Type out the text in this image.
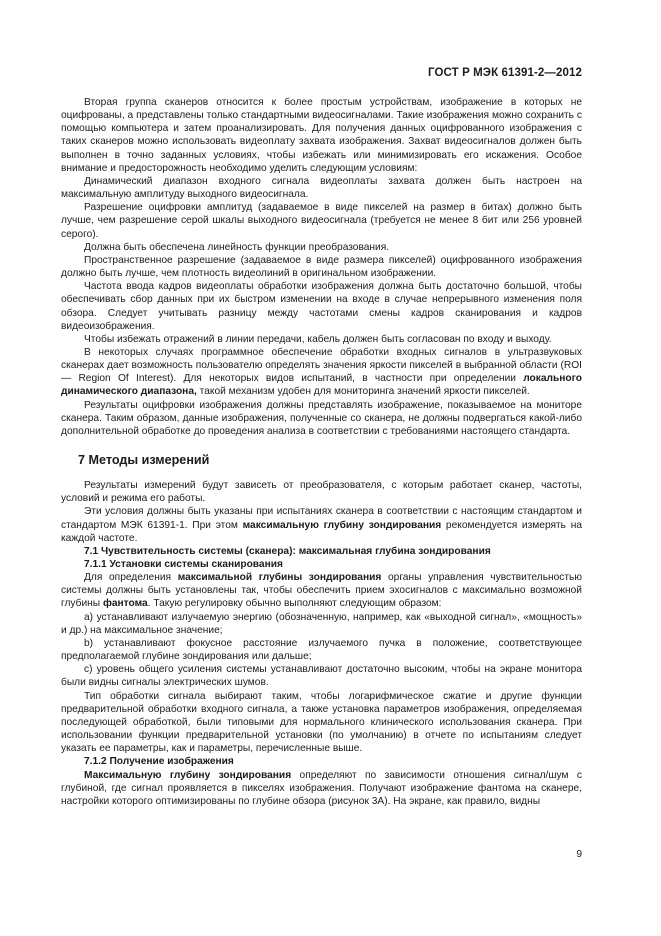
ГОСТ Р МЭК 61391-2—2012

Вторая группа сканеров относится к более простым устройствам, изображение в которых не оцифрованы, а представлены только стандартными видеосигналами. Такие изображения можно сохранить с помощью компьютера и затем проанализировать. Для получения данных оцифрованного изображения с таких сканеров можно использовать видеоплату захвата изображения. Захват видеосигналов должен быть выполнен в точно заданных условиях, чтобы избежать или минимизировать его искажения. Особое внимание и предосторожность необходимо уделить следующим условиям:

Динамический диапазон входного сигнала видеоплаты захвата должен быть настроен на максимальную амплитуду выходного видеосигнала.

Разрешение оцифровки амплитуд (задаваемое в виде пикселей на размер в битах) должно быть лучше, чем разрешение серой шкалы выходного видеосигнала (требуется не менее 8 бит или 256 уровней серого).

Должна быть обеспечена линейность функции преобразования.

Пространственное разрешение (задаваемое в виде размера пикселей) оцифрованного изображения должно быть лучше, чем плотность видеолиний в оригинальном изображении.

Частота ввода кадров видеоплаты обработки изображения должна быть достаточно большой, чтобы обеспечивать сбор данных при их быстром изменении на входе в случае непрерывного изменения поля обзора. Следует учитывать разницу между частотами смены кадров сканирования и кадров видеоизображения.

Чтобы избежать отражений в линии передачи, кабель должен быть согласован по входу и выходу.

В некоторых случаях программное обеспечение обработки входных сигналов в ультразвуковых сканерах дает возможность пользователю определять значения яркости пикселей в выбранной области (ROI — Region Of Interest). Для некоторых видов испытаний, в частности при определении локального динамического диапазона, такой механизм удобен для мониторинга значений яркости пикселей.

Результаты оцифровки изображения должны представлять изображение, показываемое на мониторе сканера. Таким образом, данные изображения, полученные со сканера, не должны подвергаться какой-либо дополнительной обработке до проведения анализа в соответствии с требованиями настоящего стандарта.

7 Методы измерений

Результаты измерений будут зависеть от преобразователя, с которым работает сканер, частоты, условий и режима его работы.

Эти условия должны быть указаны при испытаниях сканера в соответствии с настоящим стандартом и стандартом МЭК 61391-1. При этом максимальную глубину зондирования рекомендуется измерять на каждой частоте.

7.1 Чувствительность системы (сканера): максимальная глубина зондирования

7.1.1 Установки системы сканирования

Для определения максимальной глубины зондирования органы управления чувствительностью системы должны быть установлены так, чтобы обеспечить прием эхосигналов с максимально возможной глубины фантома. Такую регулировку обычно выполняют следующим образом:

a) устанавливают излучаемую энергию (обозначенную, например, как «выходной сигнал», «мощность» и др.) на максимальное значение;

b) устанавливают фокусное расстояние излучаемого пучка в положение, соответствующее предполагаемой глубине зондирования или дальше;

c) уровень общего усиления системы устанавливают достаточно высоким, чтобы на экране монитора были видны сигналы электрических шумов.

Тип обработки сигнала выбирают таким, чтобы логарифмическое сжатие и другие функции предварительной обработки входного сигнала, а также установка параметров изображения, определяемая последующей обработкой, были типовыми для нормального клинического использования сканера. При использовании функции предварительной установки (по умолчанию) в отчете по испытаниям следует указать ее параметры, как и параметры, перечисленные выше.

7.1.2 Получение изображения

Максимальную глубину зондирования определяют по зависимости отношения сигнал/шум с глубиной, где сигнал проявляется в пикселях изображения. Получают изображение фантома на сканере, настройки которого оптимизированы по глубине обзора (рисунок 3А). На экране, как правило, видны

9
